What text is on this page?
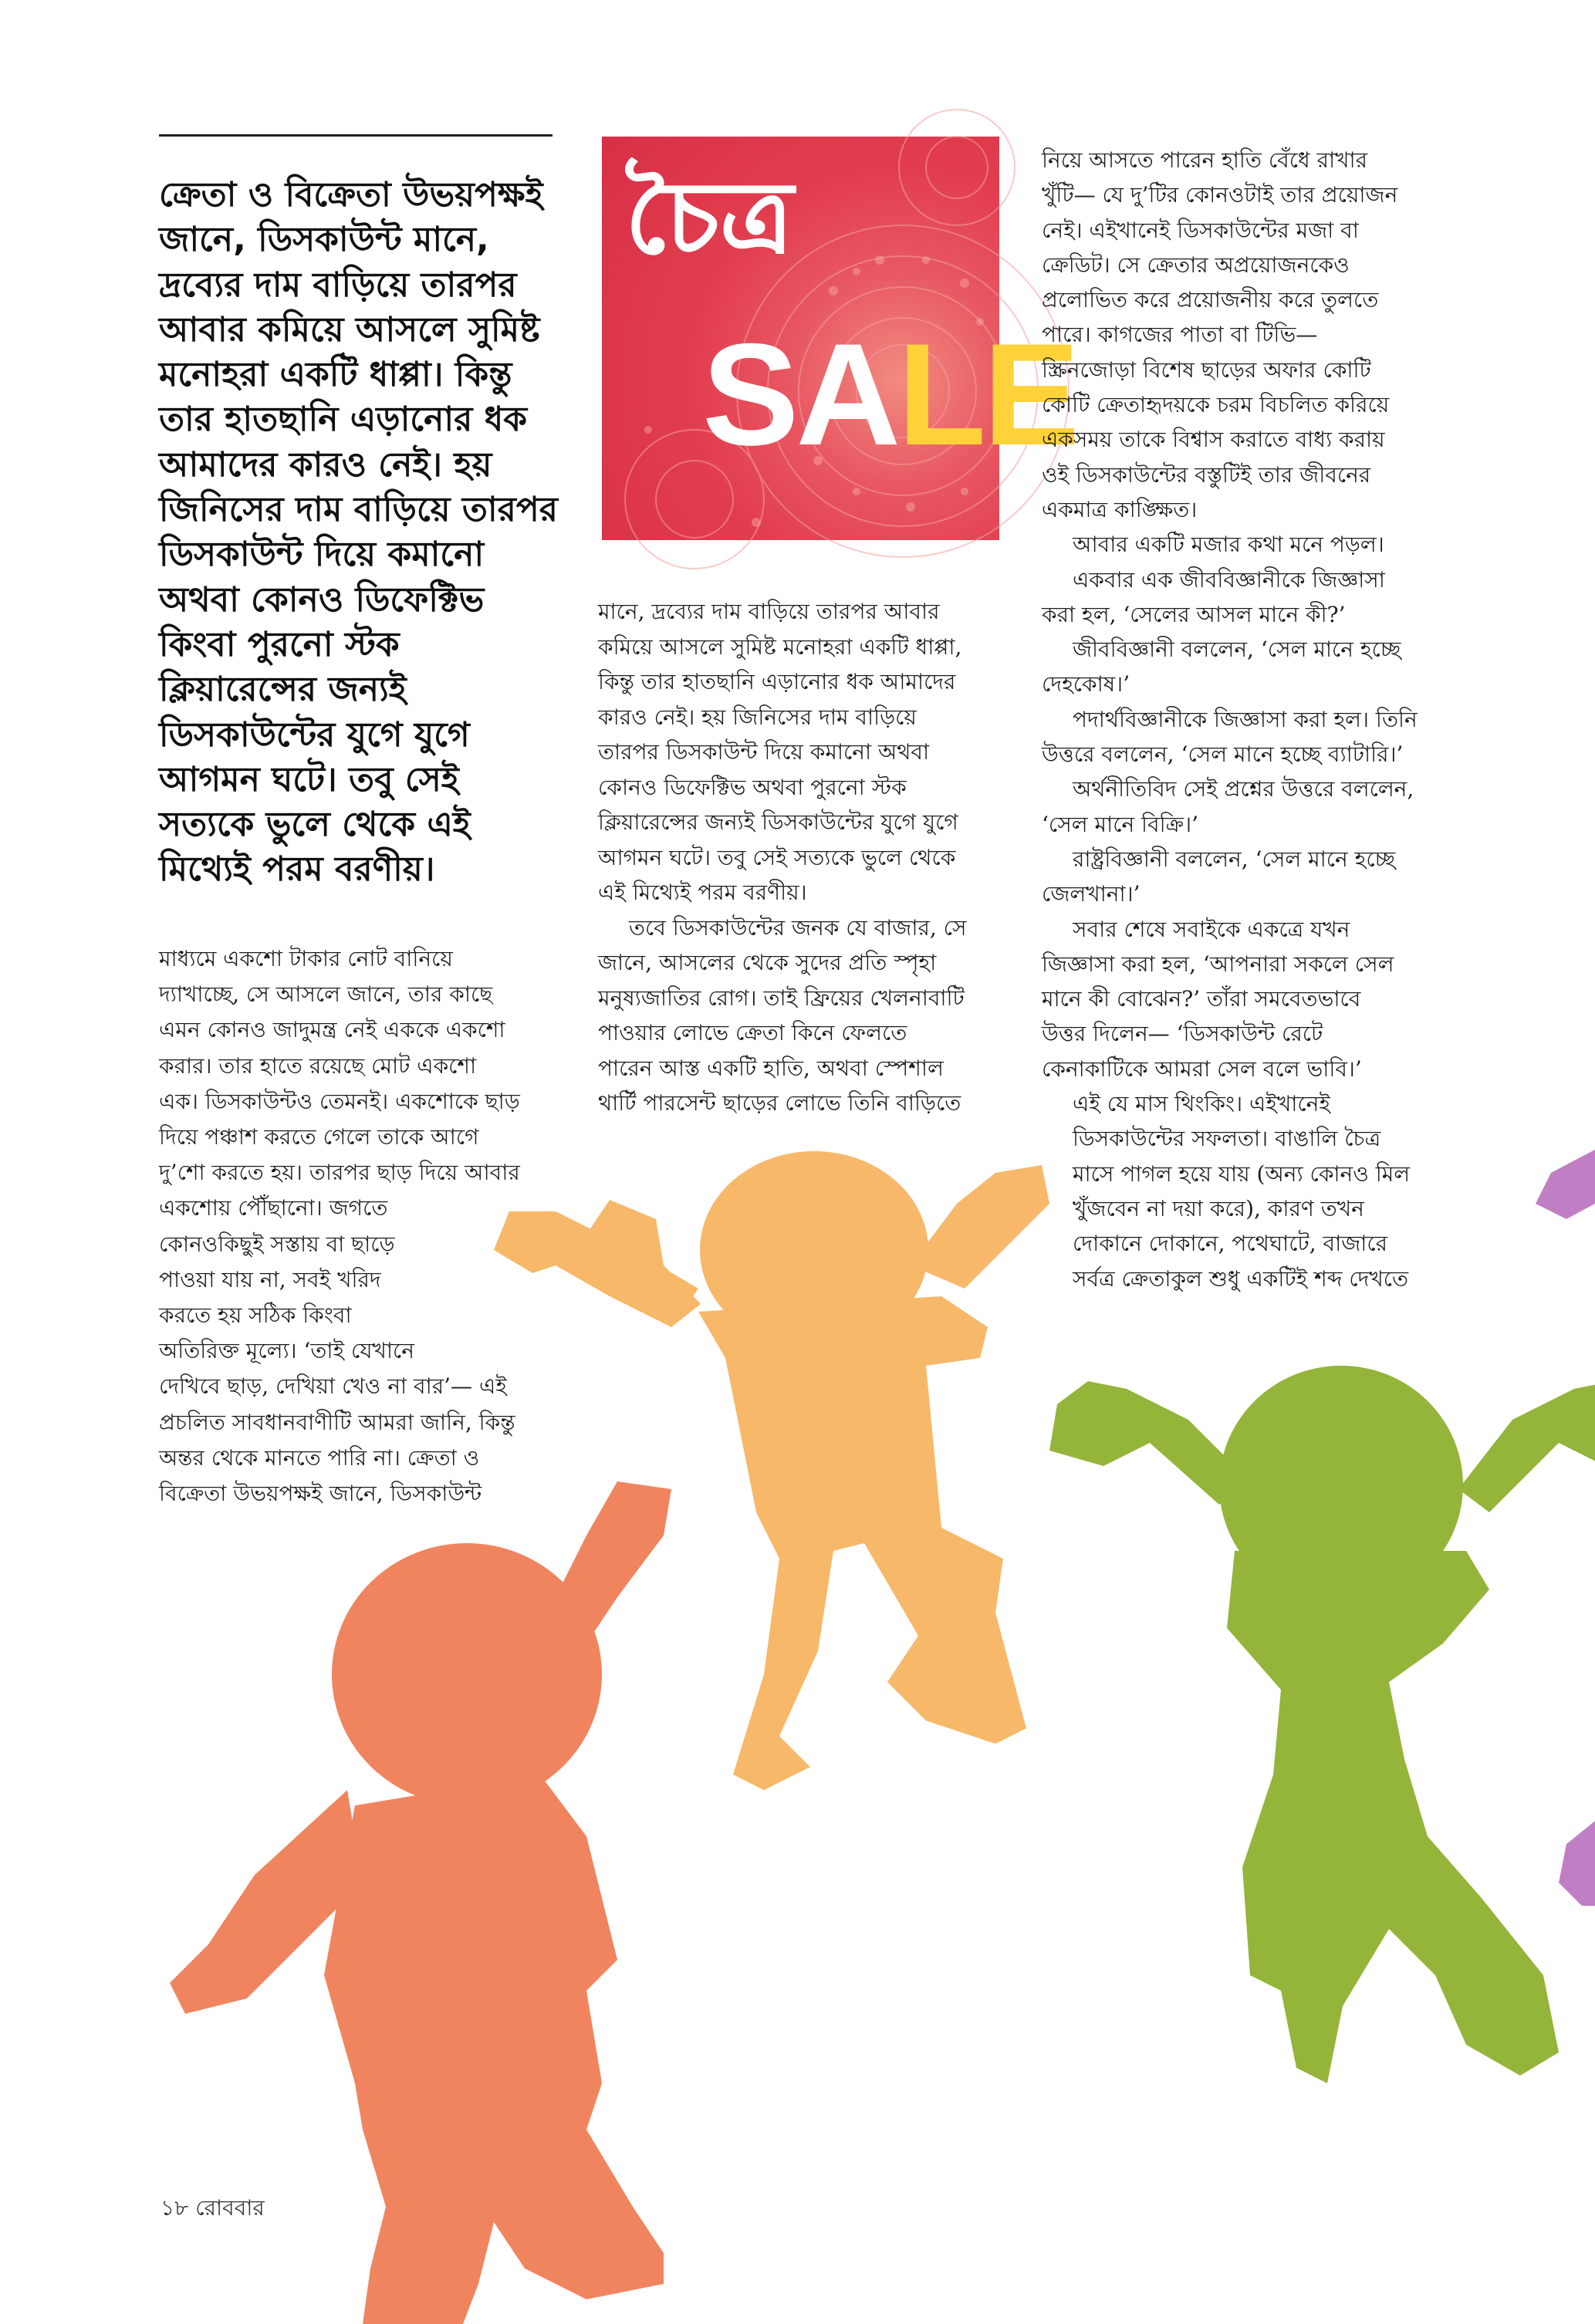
ক্রেতা ও বিক্রেতা উভয়পক্ষই
জানে, ডিসকাউন্ট মানে,
দ্রব্যের দাম বাড়িয়ে তারপর
আবার কমিয়ে আসলে সুমিষ্ট
মনোহরা একটি ধাপ্পা। কিন্তু
তার হাতছানি এড়ানোর ধক
আমাদের কারও নেই। হয়
জিনিসের দাম বাড়িয়ে তারপর
ডিসকাউন্ট দিয়ে কমানো
অথবা কোনও ডিফেক্টিভ
কিংবা পুরনো স্টক
ক্লিয়ারেন্সের জন্যই
ডিসকাউন্টের যুগে যুগে
আগমন ঘটে। তবু সেই
সত্যকে ভুলে থেকে এই
মিথ্যেই পরম বরণীয়।
চৈত্র
SALE
মাধ্যমে একশো টাকার নোট বানিয়ে
দ্যাখাচ্ছে, সে আসলে জানে, তার কাছে
এমন কোনও জাদুমন্ত্র নেই এককে একশো
করার। তার হাতে রয়েছে মোট একশো
এক। ডিসকাউন্টও তেমনই। একশোকে ছাড়
দিয়ে পঞ্চাশ করতে গেলে তাকে আগে
দু’শো করতে হয়। তারপর ছাড় দিয়ে আবার
একশোয় পৌঁছানো। জগতে
কোনওকিছুই সস্তায় বা ছাড়ে
পাওয়া যায় না, সবই খরিদ
করতে হয় সঠিক কিংবা
অতিরিক্ত মূল্যে। ‘তাই যেখানে
দেখিবে ছাড়, দেখিয়া খেও না বার’— এই
প্রচলিত সাবধানবাণীটি আমরা জানি, কিন্তু
অন্তর থেকে মানতে পারি না। ক্রেতা ও
বিক্রেতা উভয়পক্ষই জানে, ডিসকাউন্ট
মানে, দ্রব্যের দাম বাড়িয়ে তারপর আবার
কমিয়ে আসলে সুমিষ্ট মনোহরা একটি ধাপ্পা,
কিন্তু তার হাতছানি এড়ানোর ধক আমাদের
কারও নেই। হয় জিনিসের দাম বাড়িয়ে
তারপর ডিসকাউন্ট দিয়ে কমানো অথবা
কোনও ডিফেক্টিভ অথবা পুরনো স্টক
ক্লিয়ারেন্সের জন্যই ডিসকাউন্টের যুগে যুগে
আগমন ঘটে। তবু সেই সত্যকে ভুলে থেকে
এই মিথ্যেই পরম বরণীয়।
তবে ডিসকাউন্টের জনক যে বাজার, সে
জানে, আসলের থেকে সুদের প্রতি স্পৃহা
মনুষ্যজাতির রোগ। তাই ফ্রিয়ের খেলনাবাটি
পাওয়ার লোভে ক্রেতা কিনে ফেলতে
পারেন আস্ত একটি হাতি, অথবা স্পেশাল
থার্টি পারসেন্ট ছাড়ের লোভে তিনি বাড়িতে
নিয়ে আসতে পারেন হাতি বেঁধে রাখার
খুঁটি— যে দু’টির কোনওটাই তার প্রয়োজন
নেই। এইখানেই ডিসকাউন্টের মজা বা
ক্রেডিট। সে ক্রেতার অপ্রয়োজনকেও
প্রলোভিত করে প্রয়োজনীয় করে তুলতে
পারে। কাগজের পাতা বা টিভি—
স্ক্রিনজোড়া বিশেষ ছাড়ের অফার কোটি
কোটি ক্রেতাহৃদয়কে চরম বিচলিত করিয়ে
একসময় তাকে বিশ্বাস করাতে বাধ্য করায়
ওই ডিসকাউন্টের বস্তুটিই তার জীবনের
একমাত্র কাঙ্ক্ষিত।
আবার একটি মজার কথা মনে পড়ল।
একবার এক জীববিজ্ঞানীকে জিজ্ঞাসা
করা হল, ‘সেলের আসল মানে কী?’
জীববিজ্ঞানী বললেন, ‘সেল মানে হচ্ছে
দেহকোষ।’
পদার্থবিজ্ঞানীকে জিজ্ঞাসা করা হল। তিনি
উত্তরে বললেন, ‘সেল মানে হচ্ছে ব্যাটারি।’
অর্থনীতিবিদ সেই প্রশ্নের উত্তরে বললেন,
‘সেল মানে বিক্রি।’
রাষ্ট্রবিজ্ঞানী বললেন, ‘সেল মানে হচ্ছে
জেলখানা।’
সবার শেষে সবাইকে একত্রে যখন
জিজ্ঞাসা করা হল, ‘আপনারা সকলে সেল
মানে কী বোঝেন?’ তাঁরা সমবেতভাবে
উত্তর দিলেন— ‘ডিসকাউন্ট রেটে
কেনাকাটিকে আমরা সেল বলে ভাবি।’
এই যে মাস থিংকিং। এইখানেই
ডিসকাউন্টের সফলতা। বাঙালি চৈত্র
মাসে পাগল হয়ে যায় (অন্য কোনও মিল
খুঁজবেন না দয়া করে), কারণ তখন
দোকানে দোকানে, পথেঘাটে, বাজারে
সর্বত্র ক্রেতাকুল শুধু একটিই শব্দ দেখতে
১৮ রোববার
